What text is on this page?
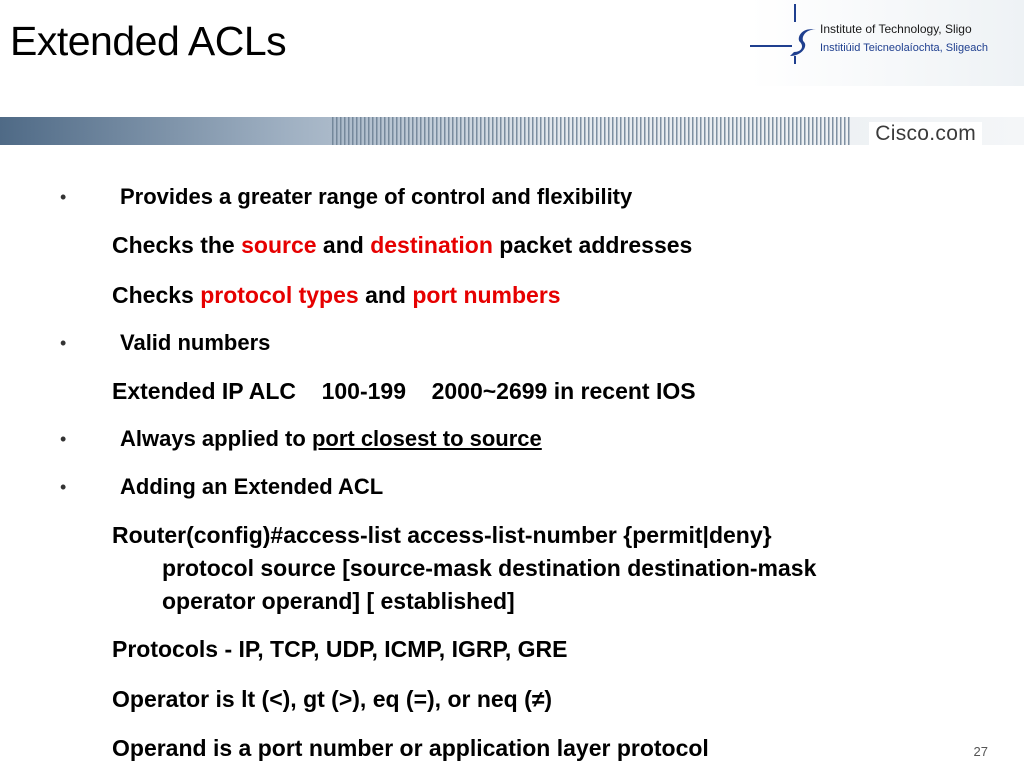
Extended ACLs	Institute of Technology, Sligo
Institiúid Teicneolaíochta, Sligeach
Cisco.com
• Provides a greater range of control and flexibility
Checks the source and destination packet addresses
Checks protocol types and port numbers
• Valid numbers
Extended IP ALC    100-199    2000~2699 in recent IOS
• Always applied to port closest to source
• Adding an Extended ACL
Router(config)#access-list access-list-number {permit|deny}
protocol source [source-mask destination destination-mask
operator operand] [ established]
Protocols - IP, TCP, UDP, ICMP, IGRP, GRE
Operator is lt (<), gt (>), eq (=), or neq (≠)
Operand is a port number or application layer protocol	27
